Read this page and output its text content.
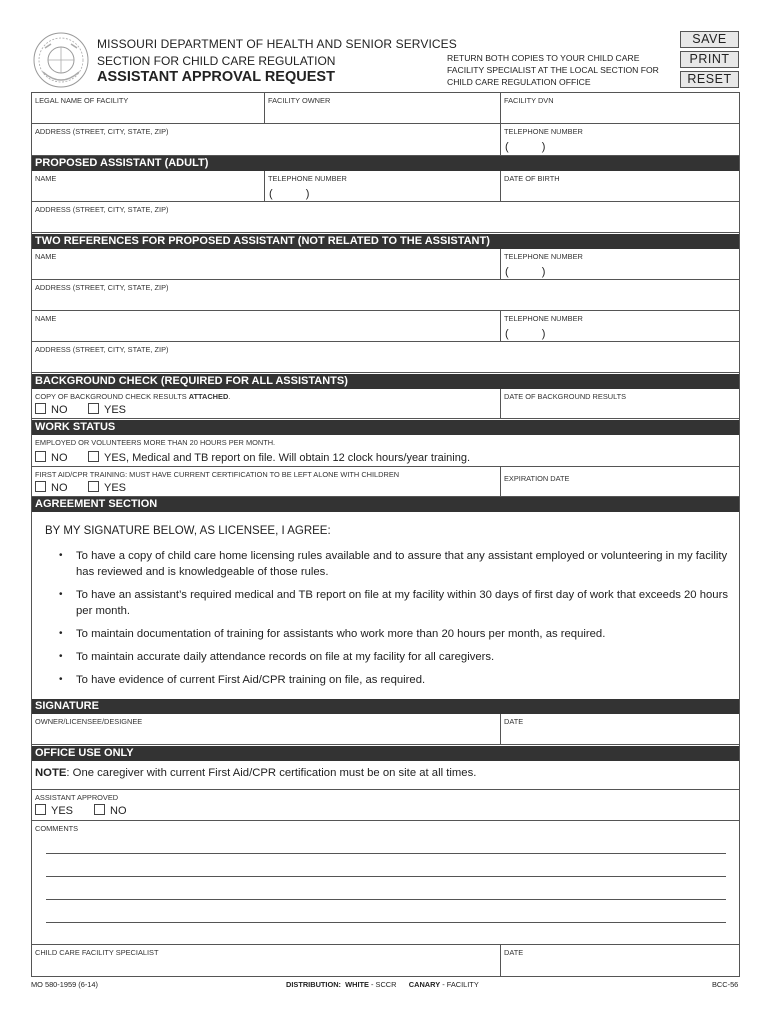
MISSOURI DEPARTMENT OF HEALTH AND SENIOR SERVICES
SECTION FOR CHILD CARE REGULATION
ASSISTANT APPROVAL REQUEST
RETURN BOTH COPIES TO YOUR CHILD CARE FACILITY SPECIALIST AT THE LOCAL SECTION FOR CHILD CARE REGULATION OFFICE
SAVE
PRINT
RESET
LEGAL NAME OF FACILITY	FACILITY OWNER	FACILITY DVN
ADDRESS (STREET, CITY, STATE, ZIP)	TELEPHONE NUMBER
( )
PROPOSED ASSISTANT (ADULT)
NAME	TELEPHONE NUMBER
( )
DATE OF BIRTH
ADDRESS (STREET, CITY, STATE, ZIP)
TWO REFERENCES FOR PROPOSED ASSISTANT (NOT RELATED TO THE ASSISTANT)
NAME	TELEPHONE NUMBER
( )
ADDRESS (STREET, CITY, STATE, ZIP)
NAME	TELEPHONE NUMBER
( )
ADDRESS (STREET, CITY, STATE, ZIP)
BACKGROUND CHECK (REQUIRED FOR ALL ASSISTANTS)
COPY OF BACKGROUND CHECK RESULTS ATTACHED.
NO	YES
DATE OF BACKGROUND RESULTS
WORK STATUS
EMPLOYED OR VOLUNTEERS MORE THAN 20 HOURS PER MONTH.
NO	YES, Medical and TB report on file. Will obtain 12 clock hours/year training.
FIRST AID/CPR TRAINING: MUST HAVE CURRENT CERTIFICATION TO BE LEFT ALONE WITH CHILDREN
NO	YES
EXPIRATION DATE
AGREEMENT SECTION
BY MY SIGNATURE BELOW, AS LICENSEE, I AGREE:
• To have a copy of child care home licensing rules available and to assure that any assistant employed or volunteering in my facility has reviewed and is knowledgeable of those rules.
• To have an assistant’s required medical and TB report on file at my facility within 30 days of first day of work that exceeds 20 hours per month.
• To maintain documentation of training for assistants who work more than 20 hours per month, as required.
• To maintain accurate daily attendance records on file at my facility for all caregivers.
• To have evidence of current First Aid/CPR training on file, as required.
SIGNATURE
OWNER/LICENSEE/DESIGNEE	DATE
OFFICE USE ONLY
NOTE: One caregiver with current First Aid/CPR certification must be on site at all times.
ASSISTANT APPROVED
YES	NO
COMMENTS
CHILD CARE FACILITY SPECIALIST	DATE
MO 580-1959 (6-14)	DISTRIBUTION: WHITE - SCCR CANARY - FACILITY	BCC-56
